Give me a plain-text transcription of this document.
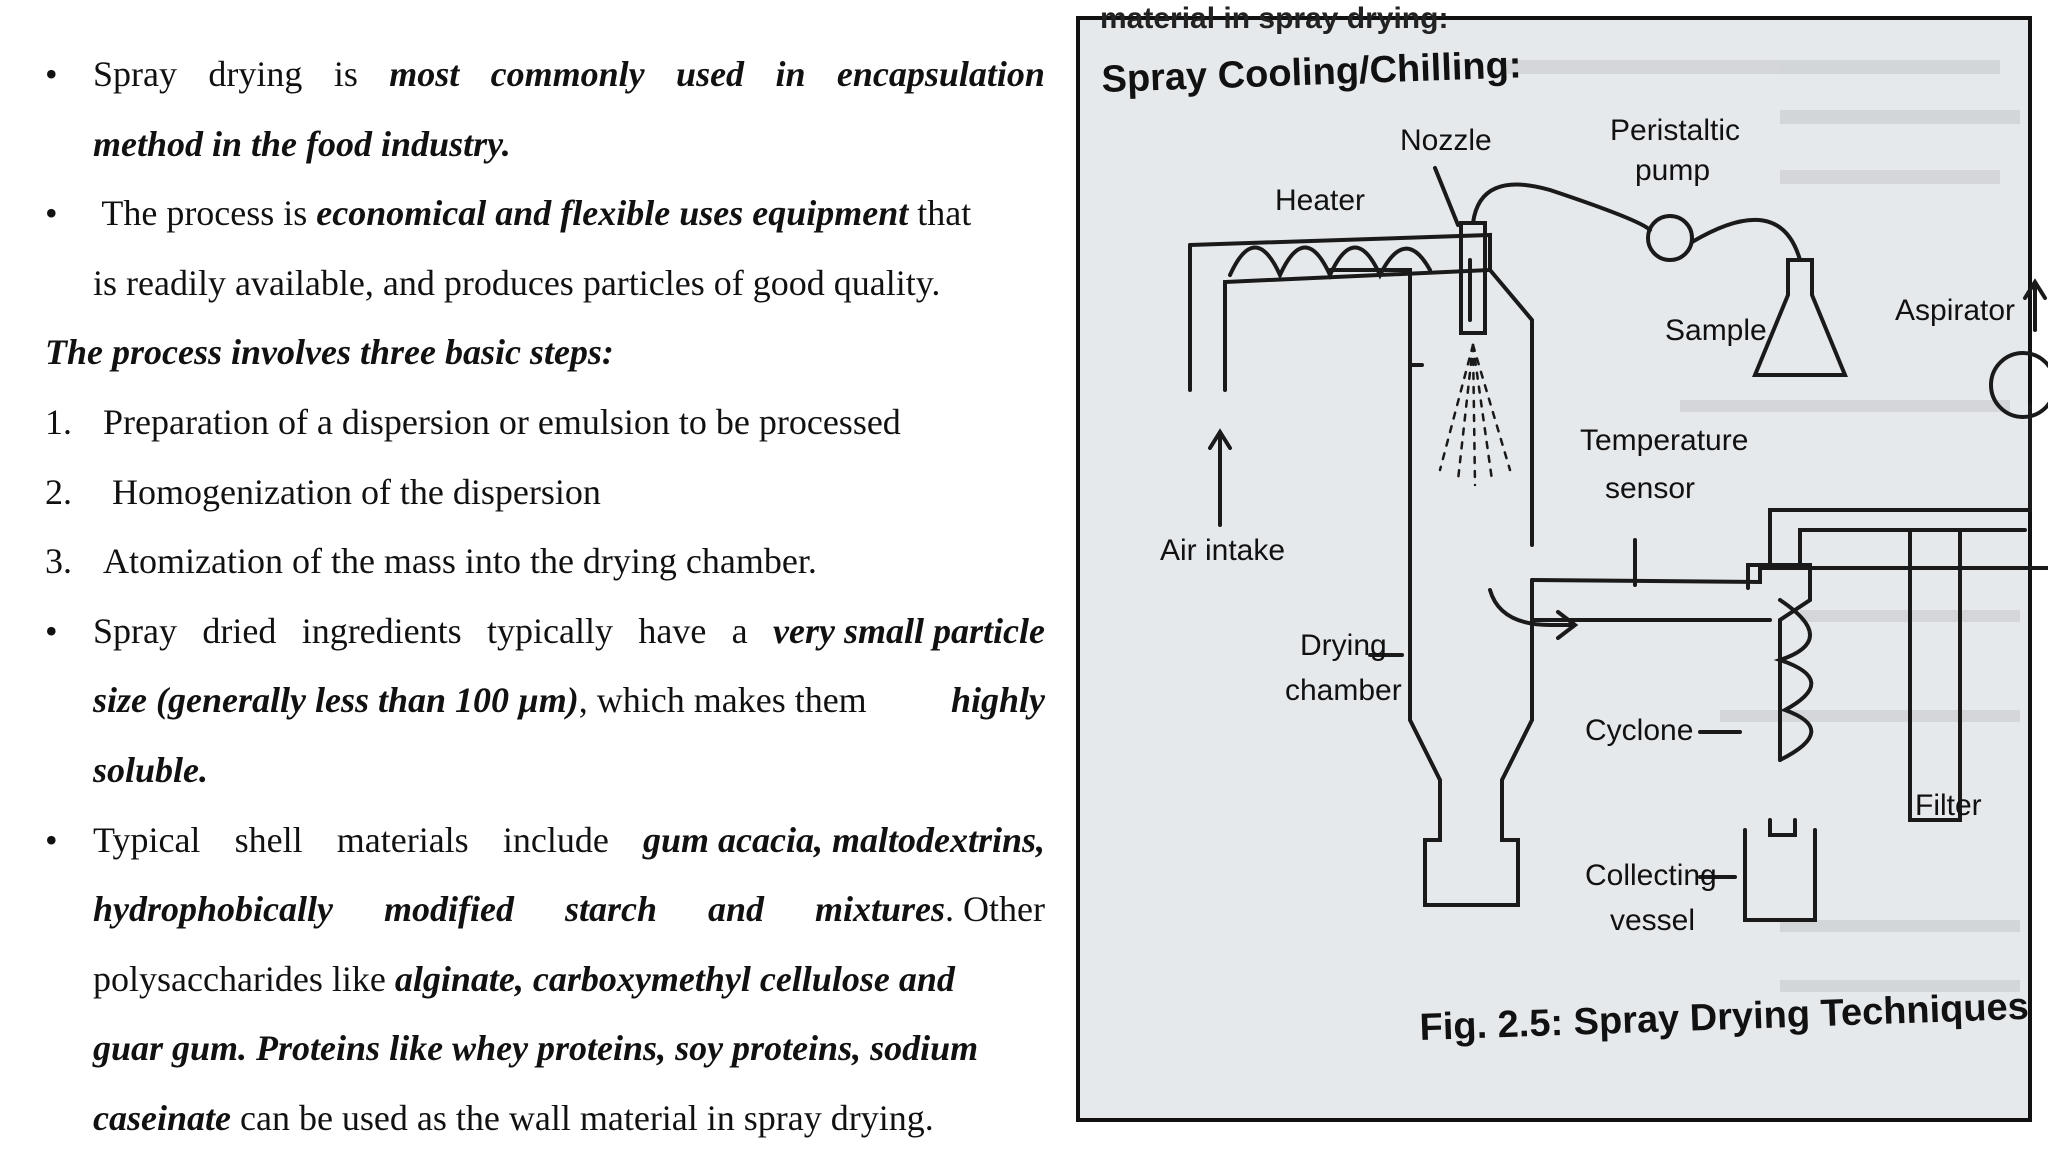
• Spray drying is most commonly used in encapsulation
method in the food industry.
• The process is economical and flexible uses equipment that
is readily available, and produces particles of good quality.
The process involves three basic steps:
1. Preparation of a dispersion or emulsion to be processed
2. Homogenization of the dispersion
3. Atomization of the mass into the drying chamber.
• Spray dried ingredients typically have a very small particle
size (generally less than 100 µm), which makes them highly
soluble.
• Typical shell materials include gum acacia, maltodextrins,
hydrophobically modified starch and mixtures. Other
polysaccharides like alginate, carboxymethyl cellulose and
guar gum. Proteins like whey proteins, soy proteins, sodium
caseinate can be used as the wall material in spray drying.
material in spray drying:
Spray Cooling/Chilling:
Heater
Nozzle	Peristaltic
pump
Sample
Aspirator
Temperature
sensor
Air intake
Drying
chamber
Cyclone
Filter
Collecting
vessel
Fig. 2.5: Spray Drying Techniques
